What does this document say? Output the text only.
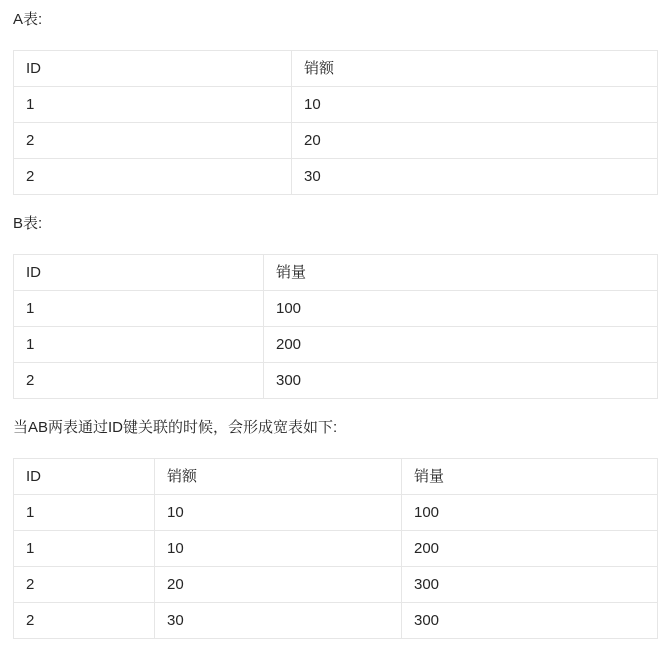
A表:

ID	销额
1	10
2	20
2	30

B表:

ID	销量
1	100
1	200
2	300

当AB两表通过ID键关联的时候，会形成宽表如下:

ID	销额	销量
1	10	100
1	10	200
2	20	300
2	30	300
